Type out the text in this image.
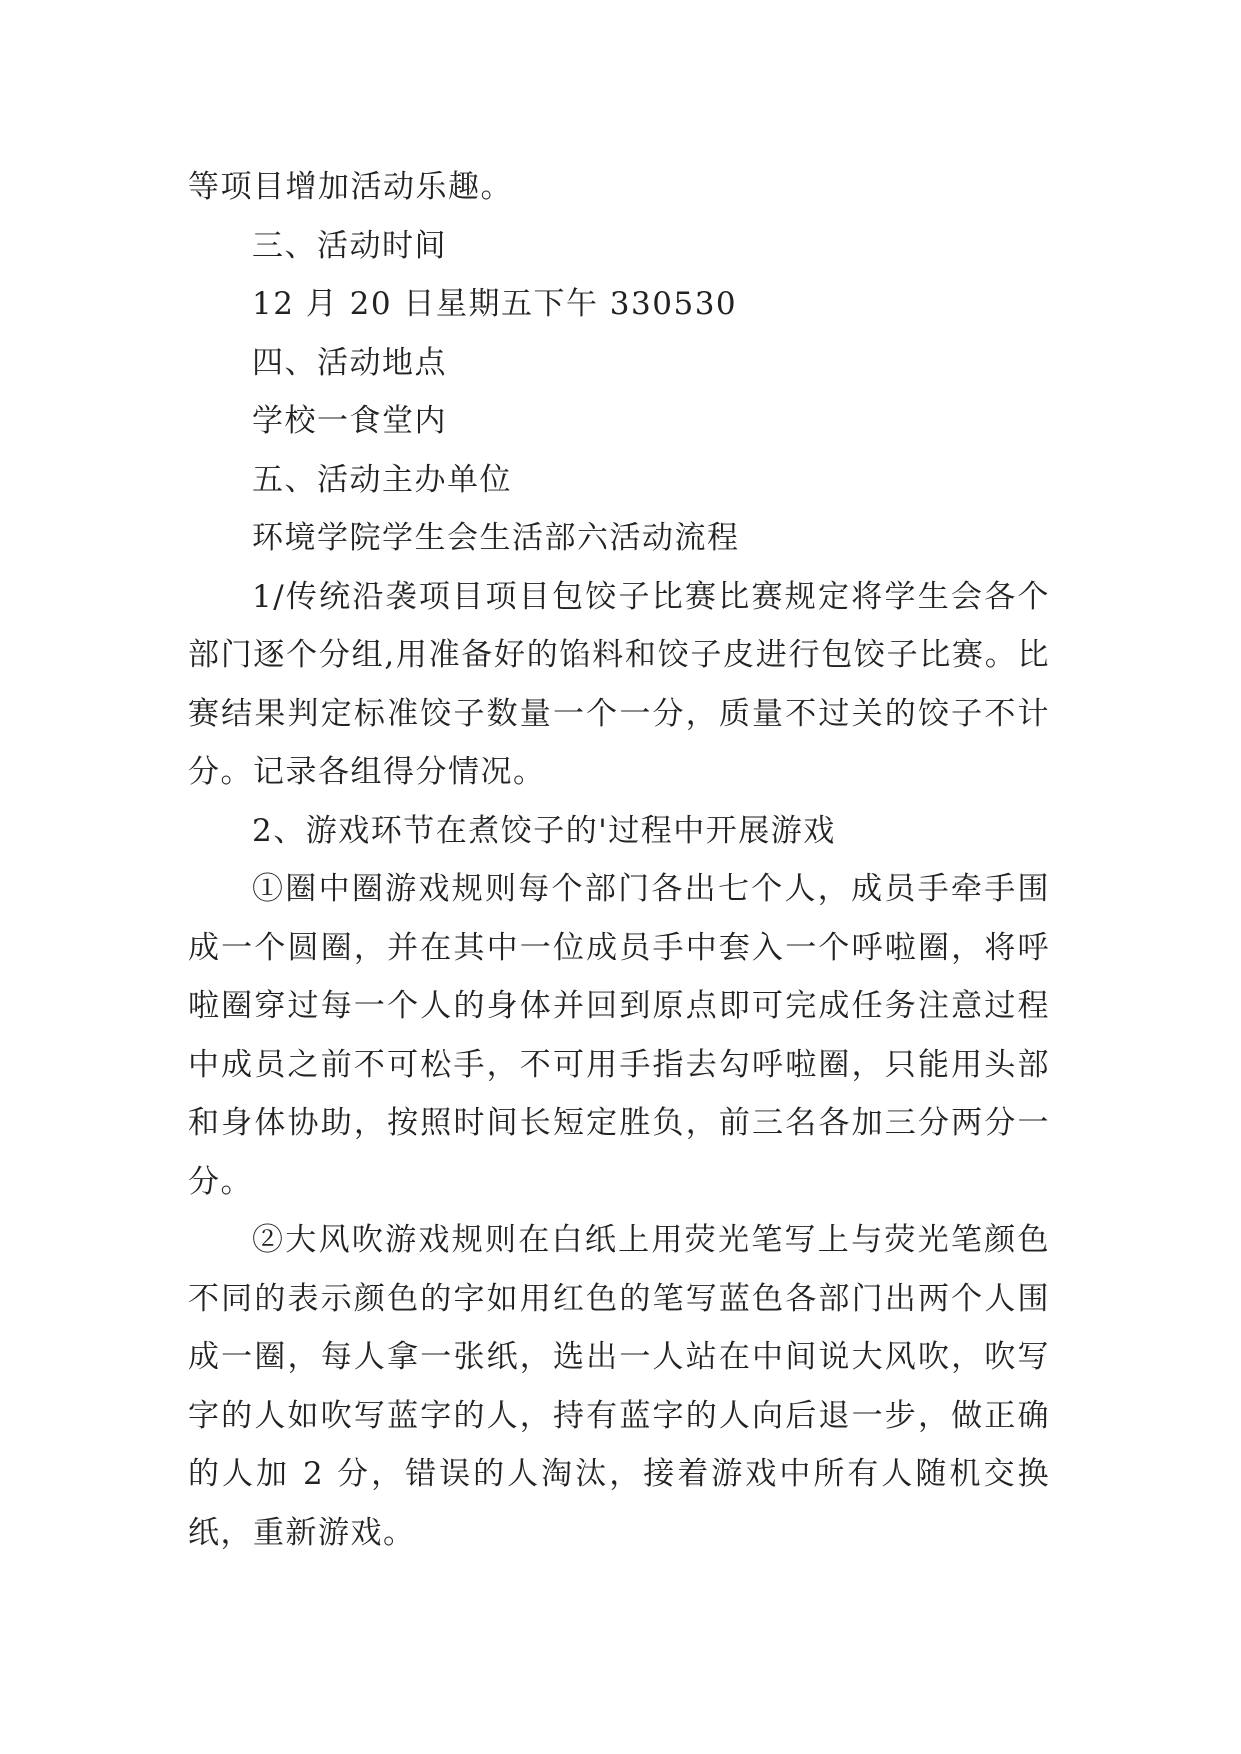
等项目增加活动乐趣。

三、活动时间

12 月 20 日星期五下午 330530

四、活动地点

学校一食堂内

五、活动主办单位

环境学院学生会生活部六活动流程

1/传统沿袭项目项目包饺子比赛比赛规定将学生会各个部门逐个分组,用准备好的馅料和饺子皮进行包饺子比赛。比赛结果判定标准饺子数量一个一分，质量不过关的饺子不计分。记录各组得分情况。

2、游戏环节在煮饺子的'过程中开展游戏

①圈中圈游戏规则每个部门各出七个人，成员手牵手围成一个圆圈，并在其中一位成员手中套入一个呼啦圈，将呼啦圈穿过每一个人的身体并回到原点即可完成任务注意过程中成员之前不可松手，不可用手指去勾呼啦圈，只能用头部和身体协助，按照时间长短定胜负，前三名各加三分两分一分。

②大风吹游戏规则在白纸上用荧光笔写上与荧光笔颜色不同的表示颜色的字如用红色的笔写蓝色各部门出两个人围成一圈，每人拿一张纸，选出一人站在中间说大风吹，吹写字的人如吹写蓝字的人，持有蓝字的人向后退一步，做正确的人加 2 分，错误的人淘汰，接着游戏中所有人随机交换纸，重新游戏。
